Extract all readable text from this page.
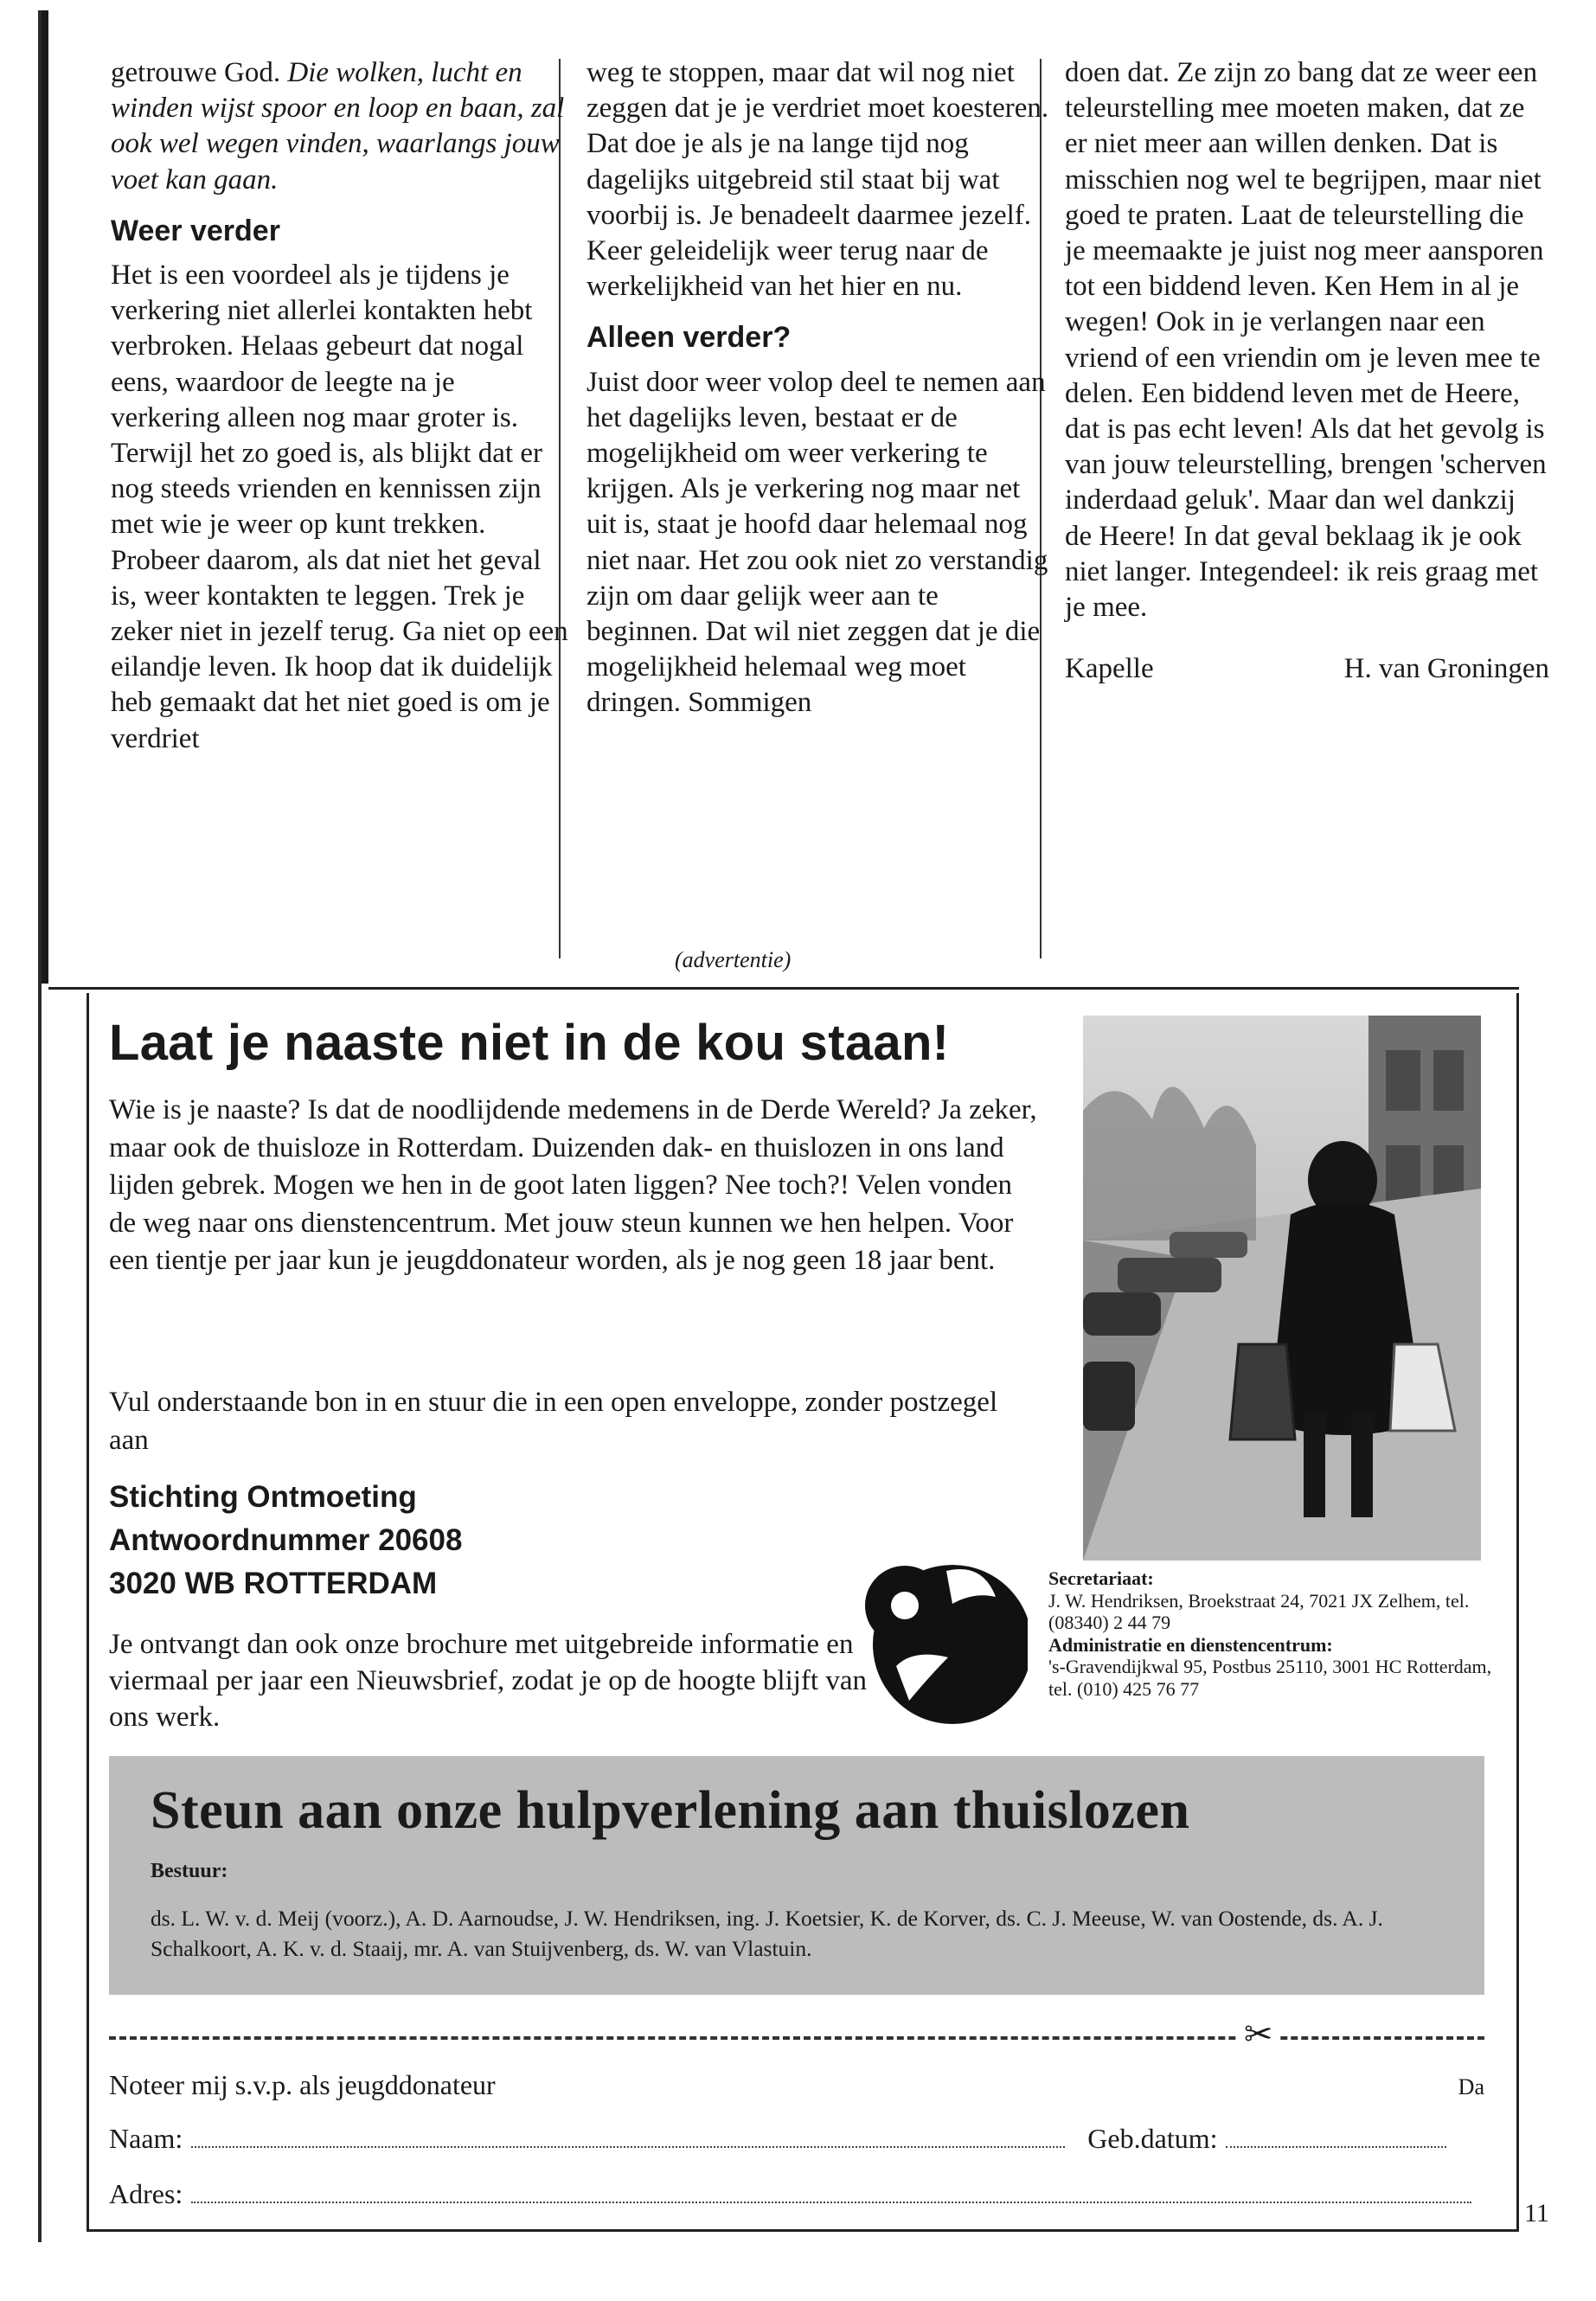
getrouwe God. Die wolken, lucht en winden wijst spoor en loop en baan, zal ook wel wegen vinden, waarlangs jouw voet kan gaan.

Weer verder

Het is een voordeel als je tijdens je verkering niet allerlei kontakten hebt verbroken. Helaas gebeurt dat nogal eens, waardoor de leegte na je verkering alleen nog maar groter is. Terwijl het zo goed is, als blijkt dat er nog steeds vrienden en kennissen zijn met wie je weer op kunt trekken. Probeer daarom, als dat niet het geval is, weer kontakten te leggen. Trek je zeker niet in jezelf terug. Ga niet op een eilandje leven. Ik hoop dat ik duidelijk heb gemaakt dat het niet goed is om je verdriet

weg te stoppen, maar dat wil nog niet zeggen dat je je verdriet moet koesteren. Dat doe je als je na lange tijd nog dagelijks uitgebreid stil staat bij wat voorbij is. Je benadeelt daarmee jezelf. Keer geleidelijk weer terug naar de werkelijkheid van het hier en nu.

Alleen verder?

Juist door weer volop deel te nemen aan het dagelijks leven, bestaat er de mogelijkheid om weer verkering te krijgen. Als je verkering nog maar net uit is, staat je hoofd daar helemaal nog niet naar. Het zou ook niet zo verstandig zijn om daar gelijk weer aan te beginnen. Dat wil niet zeggen dat je die mogelijkheid helemaal weg moet dringen. Sommigen

doen dat. Ze zijn zo bang dat ze weer een teleurstelling mee moeten maken, dat ze er niet meer aan willen denken. Dat is misschien nog wel te begrijpen, maar niet goed te praten. Laat de teleurstelling die je meemaakte je juist nog meer aansporen tot een biddend leven. Ken Hem in al je wegen! Ook in je verlangen naar een vriend of een vriendin om je leven mee te delen. Een biddend leven met de Heere, dat is pas echt leven! Als dat het gevolg is van jouw teleurstelling, brengen 'scherven inderdaad geluk'. Maar dan wel dankzij de Heere! In dat geval beklaag ik je ook niet langer. Integendeel: ik reis graag met je mee.

Kapelle	H. van Groningen
(advertentie)
Laat je naaste niet in de kou staan!
Wie is je naaste? Is dat de noodlijdende medemens in de Derde Wereld? Ja zeker, maar ook de thuisloze in Rotterdam. Duizenden dak- en thuislozen in ons land lijden gebrek. Mogen we hen in de goot laten liggen? Nee toch?! Velen vonden de weg naar ons dienstencentrum. Met jouw steun kunnen we hen helpen. Voor een tientje per jaar kun je jeugddonateur worden, als je nog geen 18 jaar bent.
Vul onderstaande bon in en stuur die in een open enveloppe, zonder postzegel aan
Stichting Ontmoeting
Antwoordnummer 20608
3020 WB ROTTERDAM
Je ontvangt dan ook onze brochure met uitgebreide informatie en viermaal per jaar een Nieuwsbrief, zodat je op de hoogte blijft van ons werk.
Secretariaat:
J. W. Hendriksen, Broekstraat 24, 7021 JX Zelhem, tel. (08340) 2 44 79
Administratie en dienstencentrum:
's-Gravendijkwal 95, Postbus 25110, 3001 HC Rotterdam, tel. (010) 425 76 77
Steun aan onze hulpverlening aan thuislozen
Bestuur:
ds. L. W. v. d. Meij (voorz.), A. D. Aarnoudse, J. W. Hendriksen, ing. J. Koetsier, K. de Korver, ds. C. J. Meeuse, W. van Oostende, ds. A. J. Schalkoort, A. K. v. d. Staaij, mr. A. van Stuijvenberg, ds. W. van Vlastuin.
✂
Noteer mij s.v.p. als jeugddonateur	Da
Naam:	Geb.datum:
Adres:
11
